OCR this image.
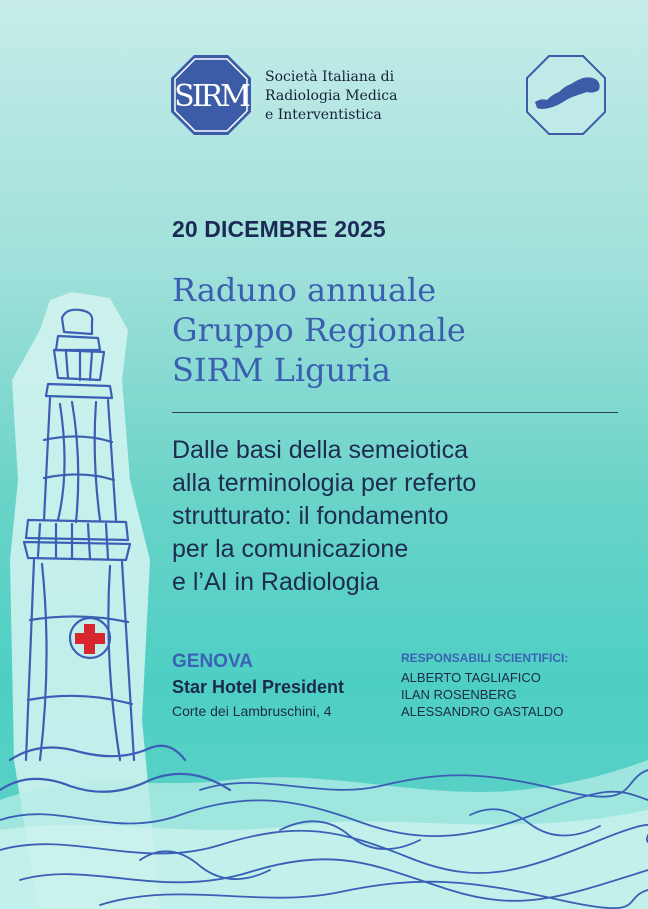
SIRM
Società Italiana di
Radiologia Medica
e Interventistica
20 DICEMBRE 2025
Raduno annuale
Gruppo Regionale
SIRM Liguria
Dalle basi della semeiotica
alla terminologia per referto
strutturato: il fondamento
per la comunicazione
e l’AI in Radiologia
GENOVA
Star Hotel President
Corte dei Lambruschini, 4
RESPONSABILI SCIENTIFICI:
ALBERTO TAGLIAFICO
ILAN ROSENBERG
ALESSANDRO GASTALDO
